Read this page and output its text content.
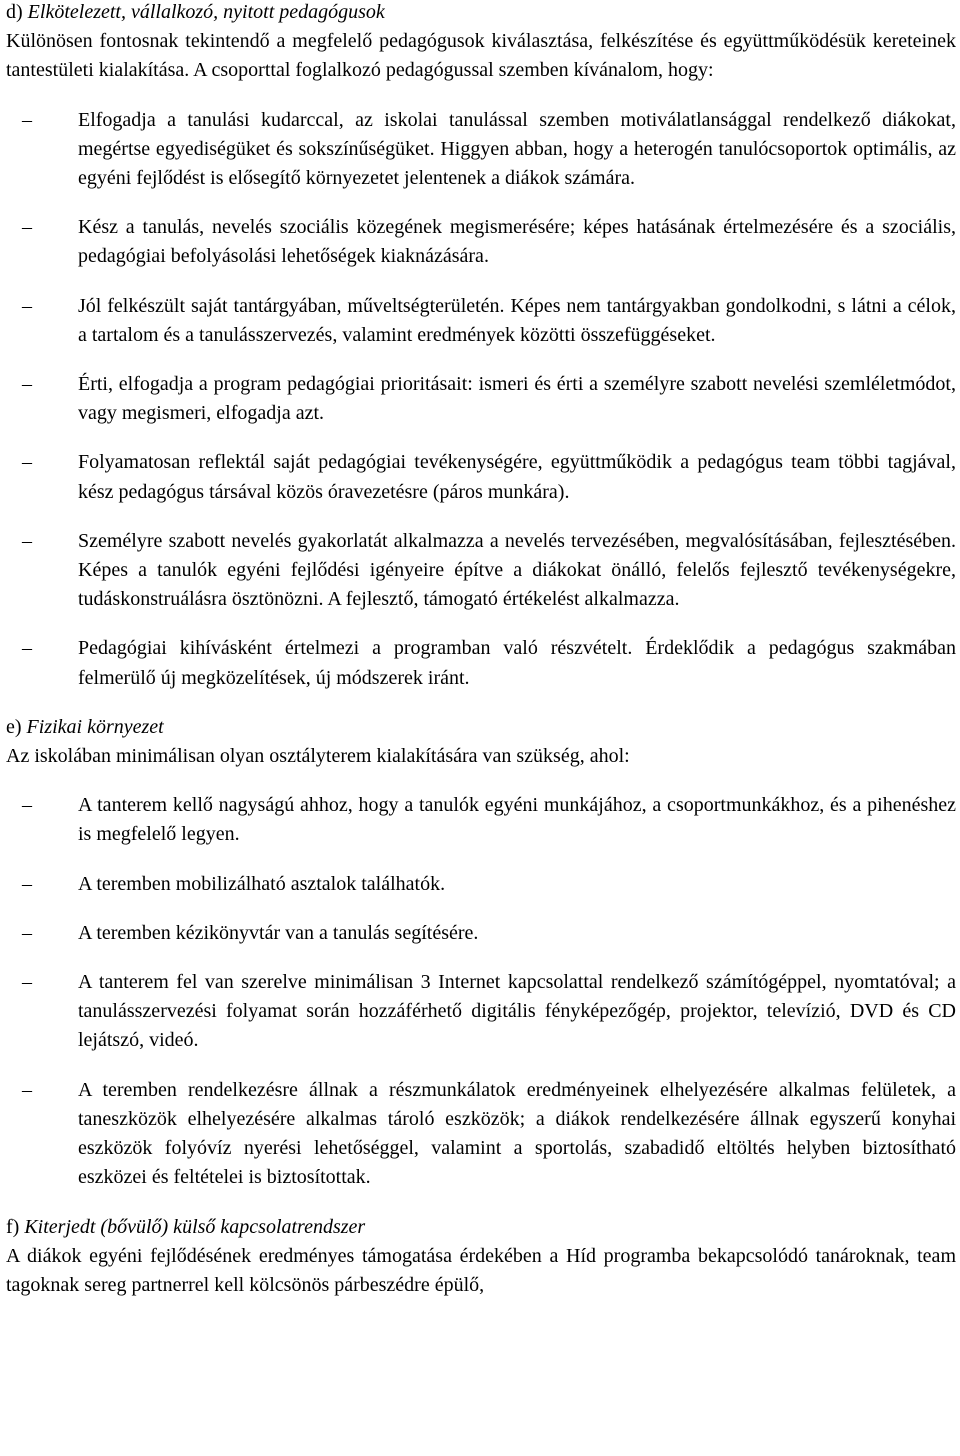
d) Elkötelezett, vállalkozó, nyitott pedagógusok

Különösen fontosnak tekintendő a megfelelő pedagógusok kiválasztása, felkészítése és együttműködésük kereteinek tantestületi kialakítása. A csoporttal foglalkozó pedagógussal szemben kívánalom, hogy:

– Elfogadja a tanulási kudarccal, az iskolai tanulással szemben motiválatlansággal rendelkező diákokat, megértse egyediségüket és sokszínűségüket. Higgyen abban, hogy a heterogén tanulócsoportok optimális, az egyéni fejlődést is elősegítő környezetet jelentenek a diákok számára.
– Kész a tanulás, nevelés szociális közegének megismerésére; képes hatásának értelmezésére és a szociális, pedagógiai befolyásolási lehetőségek kiaknázására.
– Jól felkészült saját tantárgyában, műveltségterületén. Képes nem tantárgyakban gondolkodni, s látni a célok, a tartalom és a tanulásszervezés, valamint eredmények közötti összefüggéseket.
– Érti, elfogadja a program pedagógiai prioritásait: ismeri és érti a személyre szabott nevelési szemléletmódot, vagy megismeri, elfogadja azt.
– Folyamatosan reflektál saját pedagógiai tevékenységére, együttműködik a pedagógus team többi tagjával, kész pedagógus társával közös óravezetésre (páros munkára).
– Személyre szabott nevelés gyakorlatát alkalmazza a nevelés tervezésében, megvalósításában, fejlesztésében. Képes a tanulók egyéni fejlődési igényeire építve a diákokat önálló, felelős fejlesztő tevékenységekre, tudáskonstruálásra ösztönözni. A fejlesztő, támogató értékelést alkalmazza.
– Pedagógiai kihívásként értelmezi a programban való részvételt. Érdeklődik a pedagógus szakmában felmerülő új megközelítések, új módszerek iránt.
e) Fizikai környezet

Az iskolában minimálisan olyan osztályterem kialakítására van szükség, ahol:

– A tanterem kellő nagyságú ahhoz, hogy a tanulók egyéni munkájához, a csoportmunkákhoz, és a pihenéshez is megfelelő legyen.
– A teremben mobilizálható asztalok találhatók.
– A teremben kézikönyvtár van a tanulás segítésére.
– A tanterem fel van szerelve minimálisan 3 Internet kapcsolattal rendelkező számítógéppel, nyomtatóval; a tanulásszervezési folyamat során hozzáférhető digitális fényképezőgép, projektor, televízió, DVD és CD lejátszó, videó.
– A teremben rendelkezésre állnak a részmunkálatok eredményeinek elhelyezésére alkalmas felületek, a taneszközök elhelyezésére alkalmas tároló eszközök; a diákok rendelkezésére állnak egyszerű konyhai eszközök folyóvíz nyerési lehetőséggel, valamint a sportolás, szabadidő eltöltés helyben biztosítható eszközei és feltételei is biztosítottak.
f) Kiterjedt (bővülő) külső kapcsolatrendszer

A diákok egyéni fejlődésének eredményes támogatása érdekében a Híd programba bekapcsolódó tanároknak, team tagoknak sereg partnerrel kell kölcsönös párbeszédre épülő,
